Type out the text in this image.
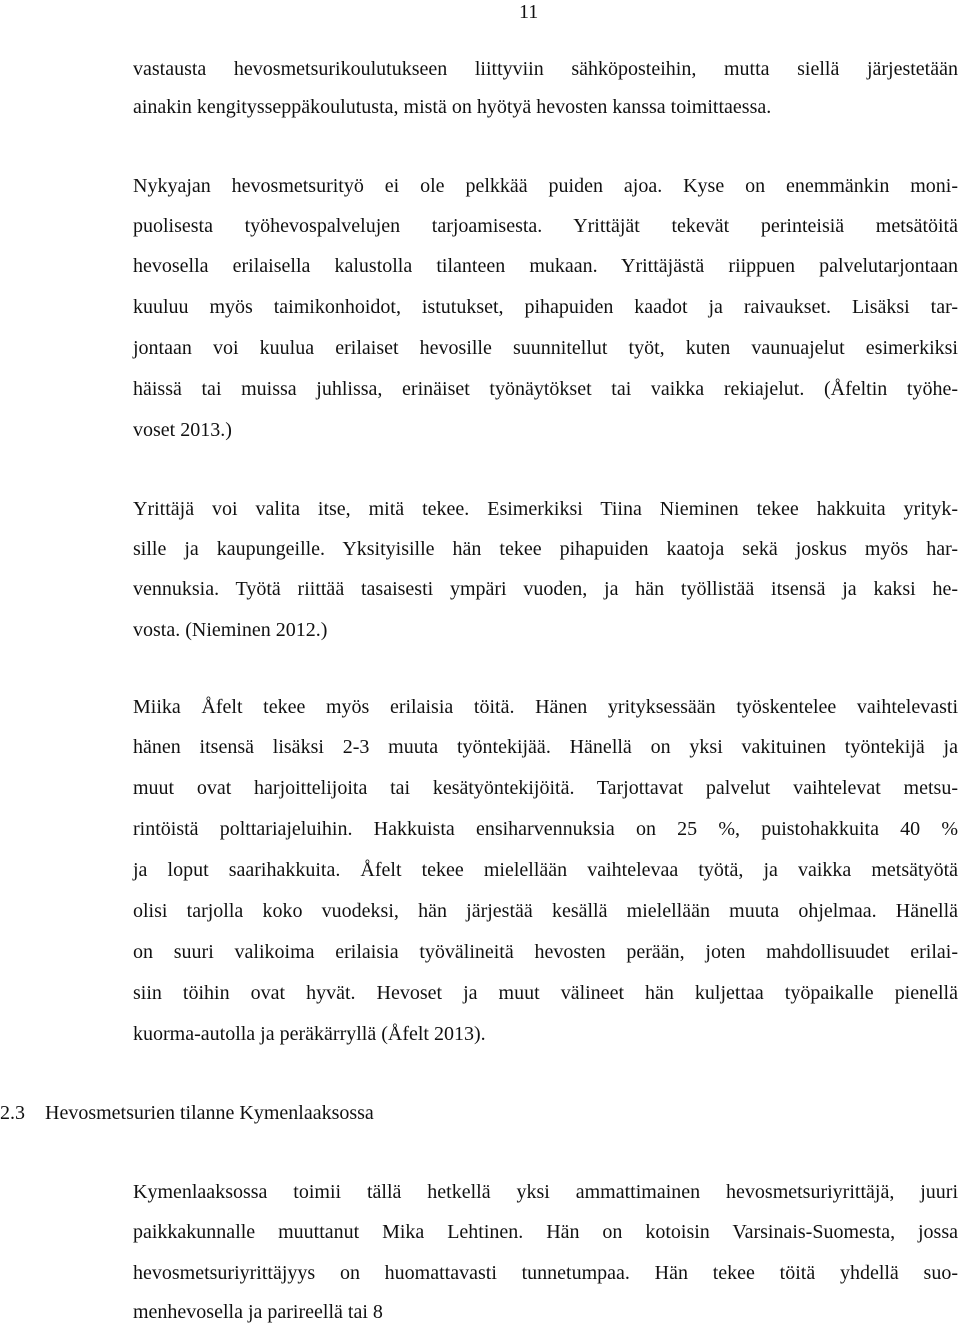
11
vastausta hevosmetsurikoulutukseen liittyviin sähköposteihin, mutta siellä järjestetään
ainakin kengitysseppäkoulutusta, mistä on hyötyä hevosten kanssa toimittaessa.
Nykyajan hevosmetsurityö ei ole pelkkää puiden ajoa. Kyse on enemmänkin moni-
puolisesta työhevospalvelujen tarjoamisesta. Yrittäjät tekevät perinteisiä metsätöitä
hevosella erilaisella kalustolla tilanteen mukaan. Yrittäjästä riippuen palvelutarjontaan
kuuluu myös taimikonhoidot, istutukset, pihapuiden kaadot ja raivaukset. Lisäksi tar-
jontaan voi kuulua erilaiset hevosille suunnitellut työt, kuten vaunuajelut esimerkiksi
häissä tai muissa juhlissa, erinäiset työnäytökset tai vaikka rekiajelut. (Åfeltin työhe-
voset 2013.)
Yrittäjä voi valita itse, mitä tekee. Esimerkiksi Tiina Nieminen tekee hakkuita yrityk-
sille ja kaupungeille. Yksityisille hän tekee pihapuiden kaatoja sekä joskus myös har-
vennuksia. Työtä riittää tasaisesti ympäri vuoden, ja hän työllistää itsensä ja kaksi he-
vosta. (Nieminen 2012.)
Miika Åfelt tekee myös erilaisia töitä. Hänen yrityksessään työskentelee vaihtelevasti
hänen itsensä lisäksi 2-3 muuta työntekijää. Hänellä on yksi vakituinen työntekijä ja
muut ovat harjoittelijoita tai kesätyöntekijöitä. Tarjottavat palvelut vaihtelevat metsu-
rintöistä polttariajeluihin. Hakkuista ensiharvennuksia on 25 %, puistohakkuita 40 %
ja loput saarihakkuita. Åfelt tekee mielellään vaihtelevaa työtä, ja vaikka metsätyötä
olisi tarjolla koko vuodeksi, hän järjestää kesällä mielellään muuta ohjelmaa. Hänellä
on suuri valikoima erilaisia työvälineitä hevosten perään, joten mahdollisuudet erilai-
siin töihin ovat hyvät. Hevoset ja muut välineet hän kuljettaa työpaikalle pienellä
kuorma-autolla ja peräkärryllä (Åfelt 2013).
2.3 Hevosmetsurien tilanne Kymenlaaksossa
Kymenlaaksossa toimii tällä hetkellä yksi ammattimainen hevosmetsuriyrittäjä, juuri
paikkakunnalle muuttanut Mika Lehtinen. Hän on kotoisin Varsinais-Suomesta, jossa
hevosmetsuriyrittäjyys on huomattavasti tunnetumpaa. Hän tekee töitä yhdellä suo-
menhevosella ja parireellä tai 8
